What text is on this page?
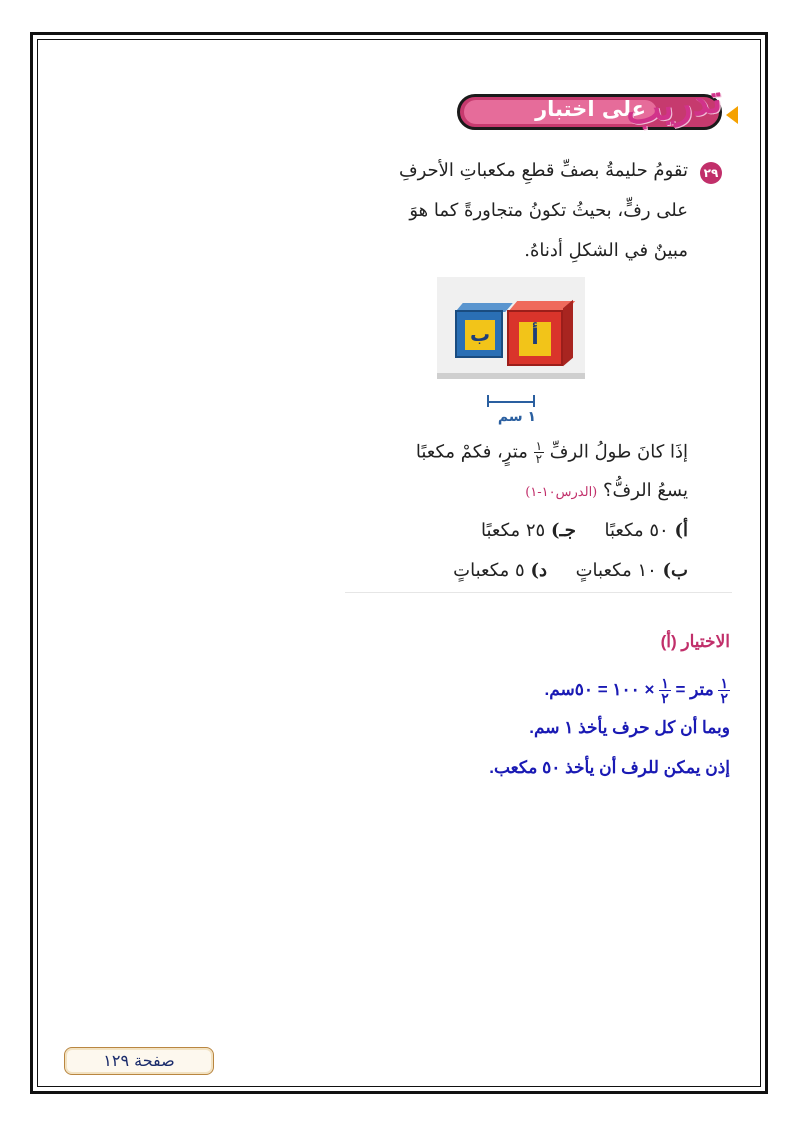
على اختبار
تدريب
٢٩
تقومُ حليمةُ بصفِّ قطعِ مكعباتِ الأحرفِ
على رفٍّ، بحيثُ تكونُ متجاورةً كما هوَ
مبينٌ في الشكلِ أدناهُ.
ب	أ
١ سم
إذَا كانَ طولُ الرفِّ
$\frac{١}{٢}$
مترٍ، فكمْ مكعبًا
يسعُ الرفُّ؟ (الدرس١٠-١)
أ) ٥٠ مكعبًا     جـ) ٢٥ مكعبًا
ب) ١٠ مكعباتٍ     د) ٥ مكعباتٍ
الاختيار (أ)
$\frac{١}{٢}$
متر =
$\frac{١}{٢}$
× ١٠٠ = ٥٠سم.
وبما أن كل حرف يأخذ ١ سم.
إذن يمكن للرف أن يأخذ ٥٠ مكعب.
صفحة ١٢٩
